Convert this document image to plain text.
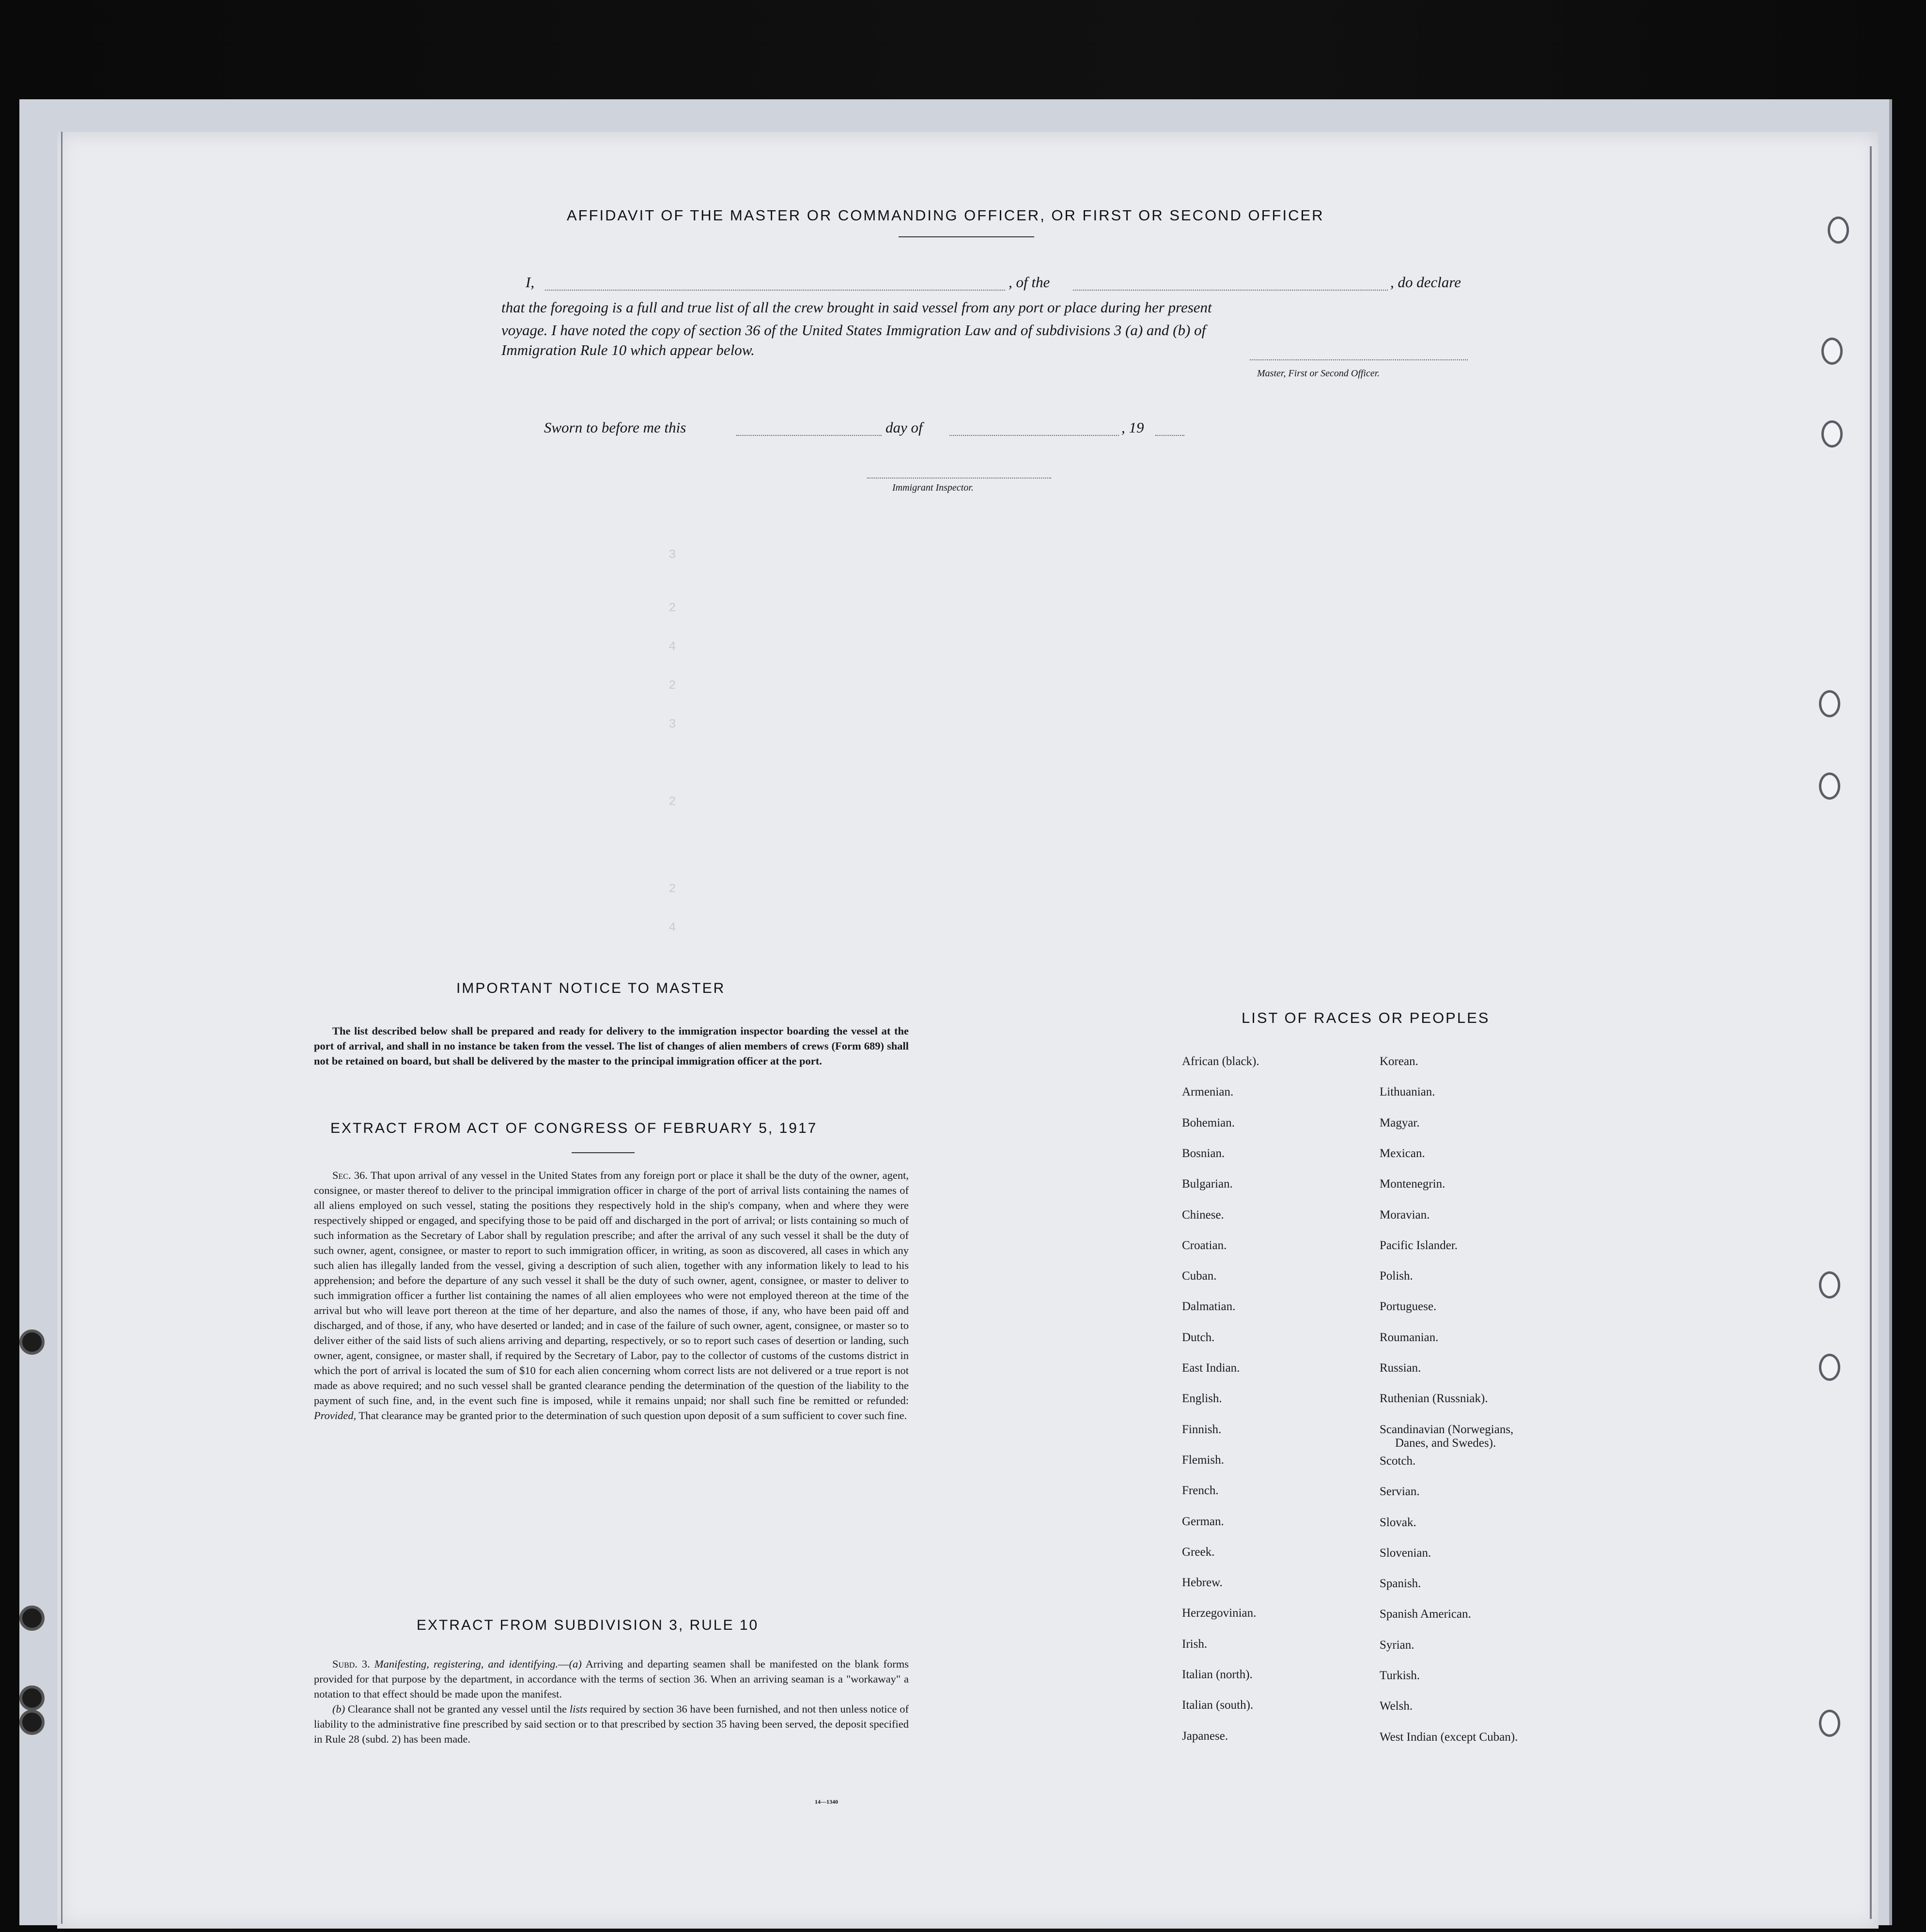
3
2
4
2
3
2
2
4
AFFIDAVIT OF THE MASTER OR COMMANDING OFFICER, OR FIRST OR SECOND OFFICER
I,	, of the	, do declare
that the foregoing is a full and true list of all the crew brought in said vessel from any port or place during her present
voyage. I have noted the copy of section 36 of the United States Immigration Law and of subdivisions 3 (a) and (b) of
Immigration Rule 10 which appear below.
Master, First or Second Officer.
Sworn to before me this	day of	, 19
Immigrant Inspector.
IMPORTANT NOTICE TO MASTER

The list described below shall be prepared and ready for delivery to the immigration inspector boarding the vessel at the port of arrival, and shall in no instance be taken from the vessel. The list of changes of alien members of crews (Form 689) shall not be retained on board, but shall be delivered by the master to the principal immigration officer at the port.

EXTRACT FROM ACT OF CONGRESS OF FEBRUARY 5, 1917

Sec. 36. That upon arrival of any vessel in the United States from any foreign port or place it shall be the duty of the owner, agent, consignee, or master thereof to deliver to the principal immigration officer in charge of the port of arrival lists containing the names of all aliens employed on such vessel, stating the positions they respectively hold in the ship's company, when and where they were respectively shipped or engaged, and specifying those to be paid off and discharged in the port of arrival; or lists containing so much of such information as the Secretary of Labor shall by regulation prescribe; and after the arrival of any such vessel it shall be the duty of such owner, agent, consignee, or master to report to such immigration officer, in writing, as soon as discovered, all cases in which any such alien has illegally landed from the vessel, giving a description of such alien, together with any information likely to lead to his apprehension; and before the departure of any such vessel it shall be the duty of such owner, agent, consignee, or master to deliver to such immigration officer a further list containing the names of all alien employees who were not employed thereon at the time of the arrival but who will leave port thereon at the time of her departure, and also the names of those, if any, who have been paid off and discharged, and of those, if any, who have deserted or landed; and in case of the failure of such owner, agent, consignee, or master so to deliver either of the said lists of such aliens arriving and departing, respectively, or so to report such cases of desertion or landing, such owner, agent, consignee, or master shall, if required by the Secretary of Labor, pay to the collector of customs of the customs district in which the port of arrival is located the sum of $10 for each alien concerning whom correct lists are not delivered or a true report is not made as above required; and no such vessel shall be granted clearance pending the determination of the question of the liability to the payment of such fine, and, in the event such fine is imposed, while it remains unpaid; nor shall such fine be remitted or refunded: Provided, That clearance may be granted prior to the determination of such question upon deposit of a sum sufficient to cover such fine.

EXTRACT FROM SUBDIVISION 3, RULE 10

Subd. 3. Manifesting, registering, and identifying.—(a) Arriving and departing seamen shall be manifested on the blank forms provided for that purpose by the department, in accordance with the terms of section 36. When an arriving seaman is a "workaway" a notation to that effect should be made upon the manifest.

(b) Clearance shall not be granted any vessel until the lists required by section 36 have been furnished, and not then unless notice of liability to the administrative fine prescribed by said section or to that prescribed by section 35 having been served, the deposit specified in Rule 28 (subd. 2) has been made.

14—1340
LIST OF RACES OR PEOPLES
African (black).
Armenian.
Bohemian.
Bosnian.
Bulgarian.
Chinese.
Croatian.
Cuban.
Dalmatian.
Dutch.
East Indian.
English.
Finnish.
Flemish.
French.
German.
Greek.
Hebrew.
Herzegovinian.
Irish.
Italian (north).
Italian (south).
Japanese.
Korean.
Lithuanian.
Magyar.
Mexican.
Montenegrin.
Moravian.
Pacific Islander.
Polish.
Portuguese.
Roumanian.
Russian.
Ruthenian (Russniak).
Scandinavian (Norwegians,
Danes, and Swedes).
Scotch.
Servian.
Slovak.
Slovenian.
Spanish.
Spanish American.
Syrian.
Turkish.
Welsh.
West Indian (except Cuban).
